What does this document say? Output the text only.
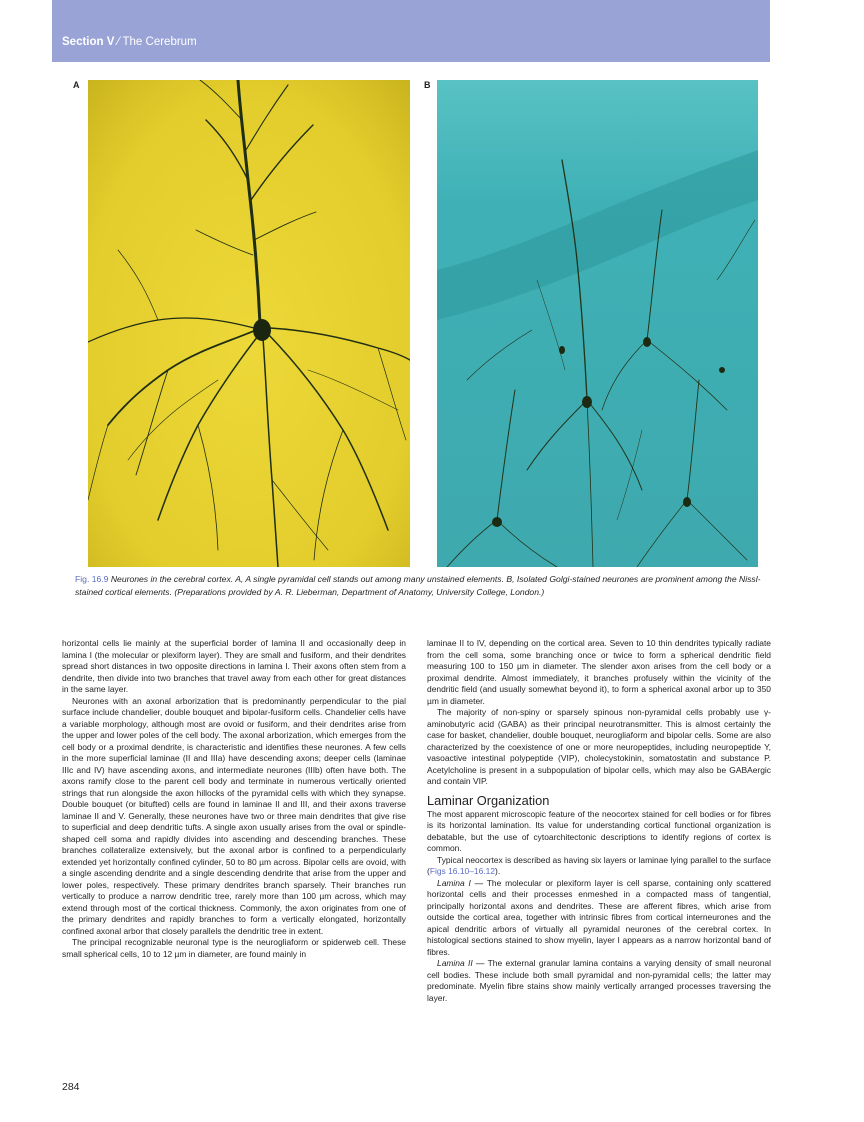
Section V ⁄ The Cerebrum
A	B
Fig. 16.9 Neurones in the cerebral cortex. A, A single pyramidal cell stands out among many unstained elements. B, Isolated Golgi-stained neurones are prominent among the Nissl-stained cortical elements. (Preparations provided by A. R. Lieberman, Department of Anatomy, University College, London.)

horizontal cells lie mainly at the superficial border of lamina II and occasionally deep in lamina I (the molecular or plexiform layer). They are small and fusiform, and their dendrites spread short distances in two opposite directions in lamina I. Their axons often stem from a dendrite, then divide into two branches that travel away from each other for great distances in the same layer.

Neurones with an axonal arborization that is predominantly perpendicular to the pial surface include chandelier, double bouquet and bipolar-fusiform cells. Chandelier cells have a variable morphology, although most are ovoid or fusiform, and their dendrites arise from the upper and lower poles of the cell body. The axonal arborization, which emerges from the cell body or a proximal dendrite, is characteristic and identifies these neurones. A few cells in the more superficial laminae (II and IIIa) have descending axons; deeper cells (laminae IIIc and IV) have ascending axons, and intermediate neurones (IIIb) often have both. The axons ramify close to the parent cell body and terminate in numerous vertically oriented strings that run alongside the axon hillocks of the pyramidal cells with which they synapse. Double bouquet (or bitufted) cells are found in laminae II and III, and their axons traverse laminae II and V. Generally, these neurones have two or three main dendrites that give rise to superficial and deep dendritic tufts. A single axon usually arises from the oval or spindle-shaped cell soma and rapidly divides into ascending and descending branches. These branches collateralize extensively, but the axonal arbor is confined to a perpendicularly extended yet horizontally confined cylinder, 50 to 80 µm across. Bipolar cells are ovoid, with a single ascending dendrite and a single descending dendrite that arise from the upper and lower poles, respectively. These primary dendrites branch sparsely. Their branches run vertically to produce a narrow dendritic tree, rarely more than 100 µm across, which may extend through most of the cortical thickness. Commonly, the axon originates from one of the primary dendrites and rapidly branches to form a vertically elongated, horizontally confined axonal arbor that closely parallels the dendritic tree in extent.

The principal recognizable neuronal type is the neurogliaform or spiderweb cell. These small spherical cells, 10 to 12 µm in diameter, are found mainly in

laminae II to IV, depending on the cortical area. Seven to 10 thin dendrites typically radiate from the cell soma, some branching once or twice to form a spherical dendritic field measuring 100 to 150 µm in diameter. The slender axon arises from the cell body or a proximal dendrite. Almost immediately, it branches profusely within the vicinity of the dendritic field (and usually somewhat beyond it), to form a spherical axonal arbor up to 350 µm in diameter.

The majority of non-spiny or sparsely spinous non-pyramidal cells probably use γ-aminobutyric acid (GABA) as their principal neurotransmitter. This is almost certainly the case for basket, chandelier, double bouquet, neurogliaform and bipolar cells. Some are also characterized by the coexistence of one or more neuropeptides, including neuropeptide Y, vasoactive intestinal polypeptide (VIP), cholecystokinin, somatostatin and substance P. Acetylcholine is present in a subpopulation of bipolar cells, which may also be GABAergic and contain VIP.

Laminar Organization

The most apparent microscopic feature of the neocortex stained for cell bodies or for fibres is its horizontal lamination. Its value for understanding cortical functional organization is debatable, but the use of cytoarchitectonic descriptions to identify regions of cortex is common.

Typical neocortex is described as having six layers or laminae lying parallel to the surface (Figs 16.10–16.12).

Lamina I — The molecular or plexiform layer is cell sparse, containing only scattered horizontal cells and their processes enmeshed in a compacted mass of tangential, principally horizontal axons and dendrites. These are afferent fibres, which arise from outside the cortical area, together with intrinsic fibres from cortical interneurones and the apical dendritic arbors of virtually all pyramidal neurones of the cerebral cortex. In histological sections stained to show myelin, layer I appears as a narrow horizontal band of fibres.

Lamina II — The external granular lamina contains a varying density of small neuronal cell bodies. These include both small pyramidal and non-pyramidal cells; the latter may predominate. Myelin fibre stains show mainly vertically arranged processes traversing the layer.

284
